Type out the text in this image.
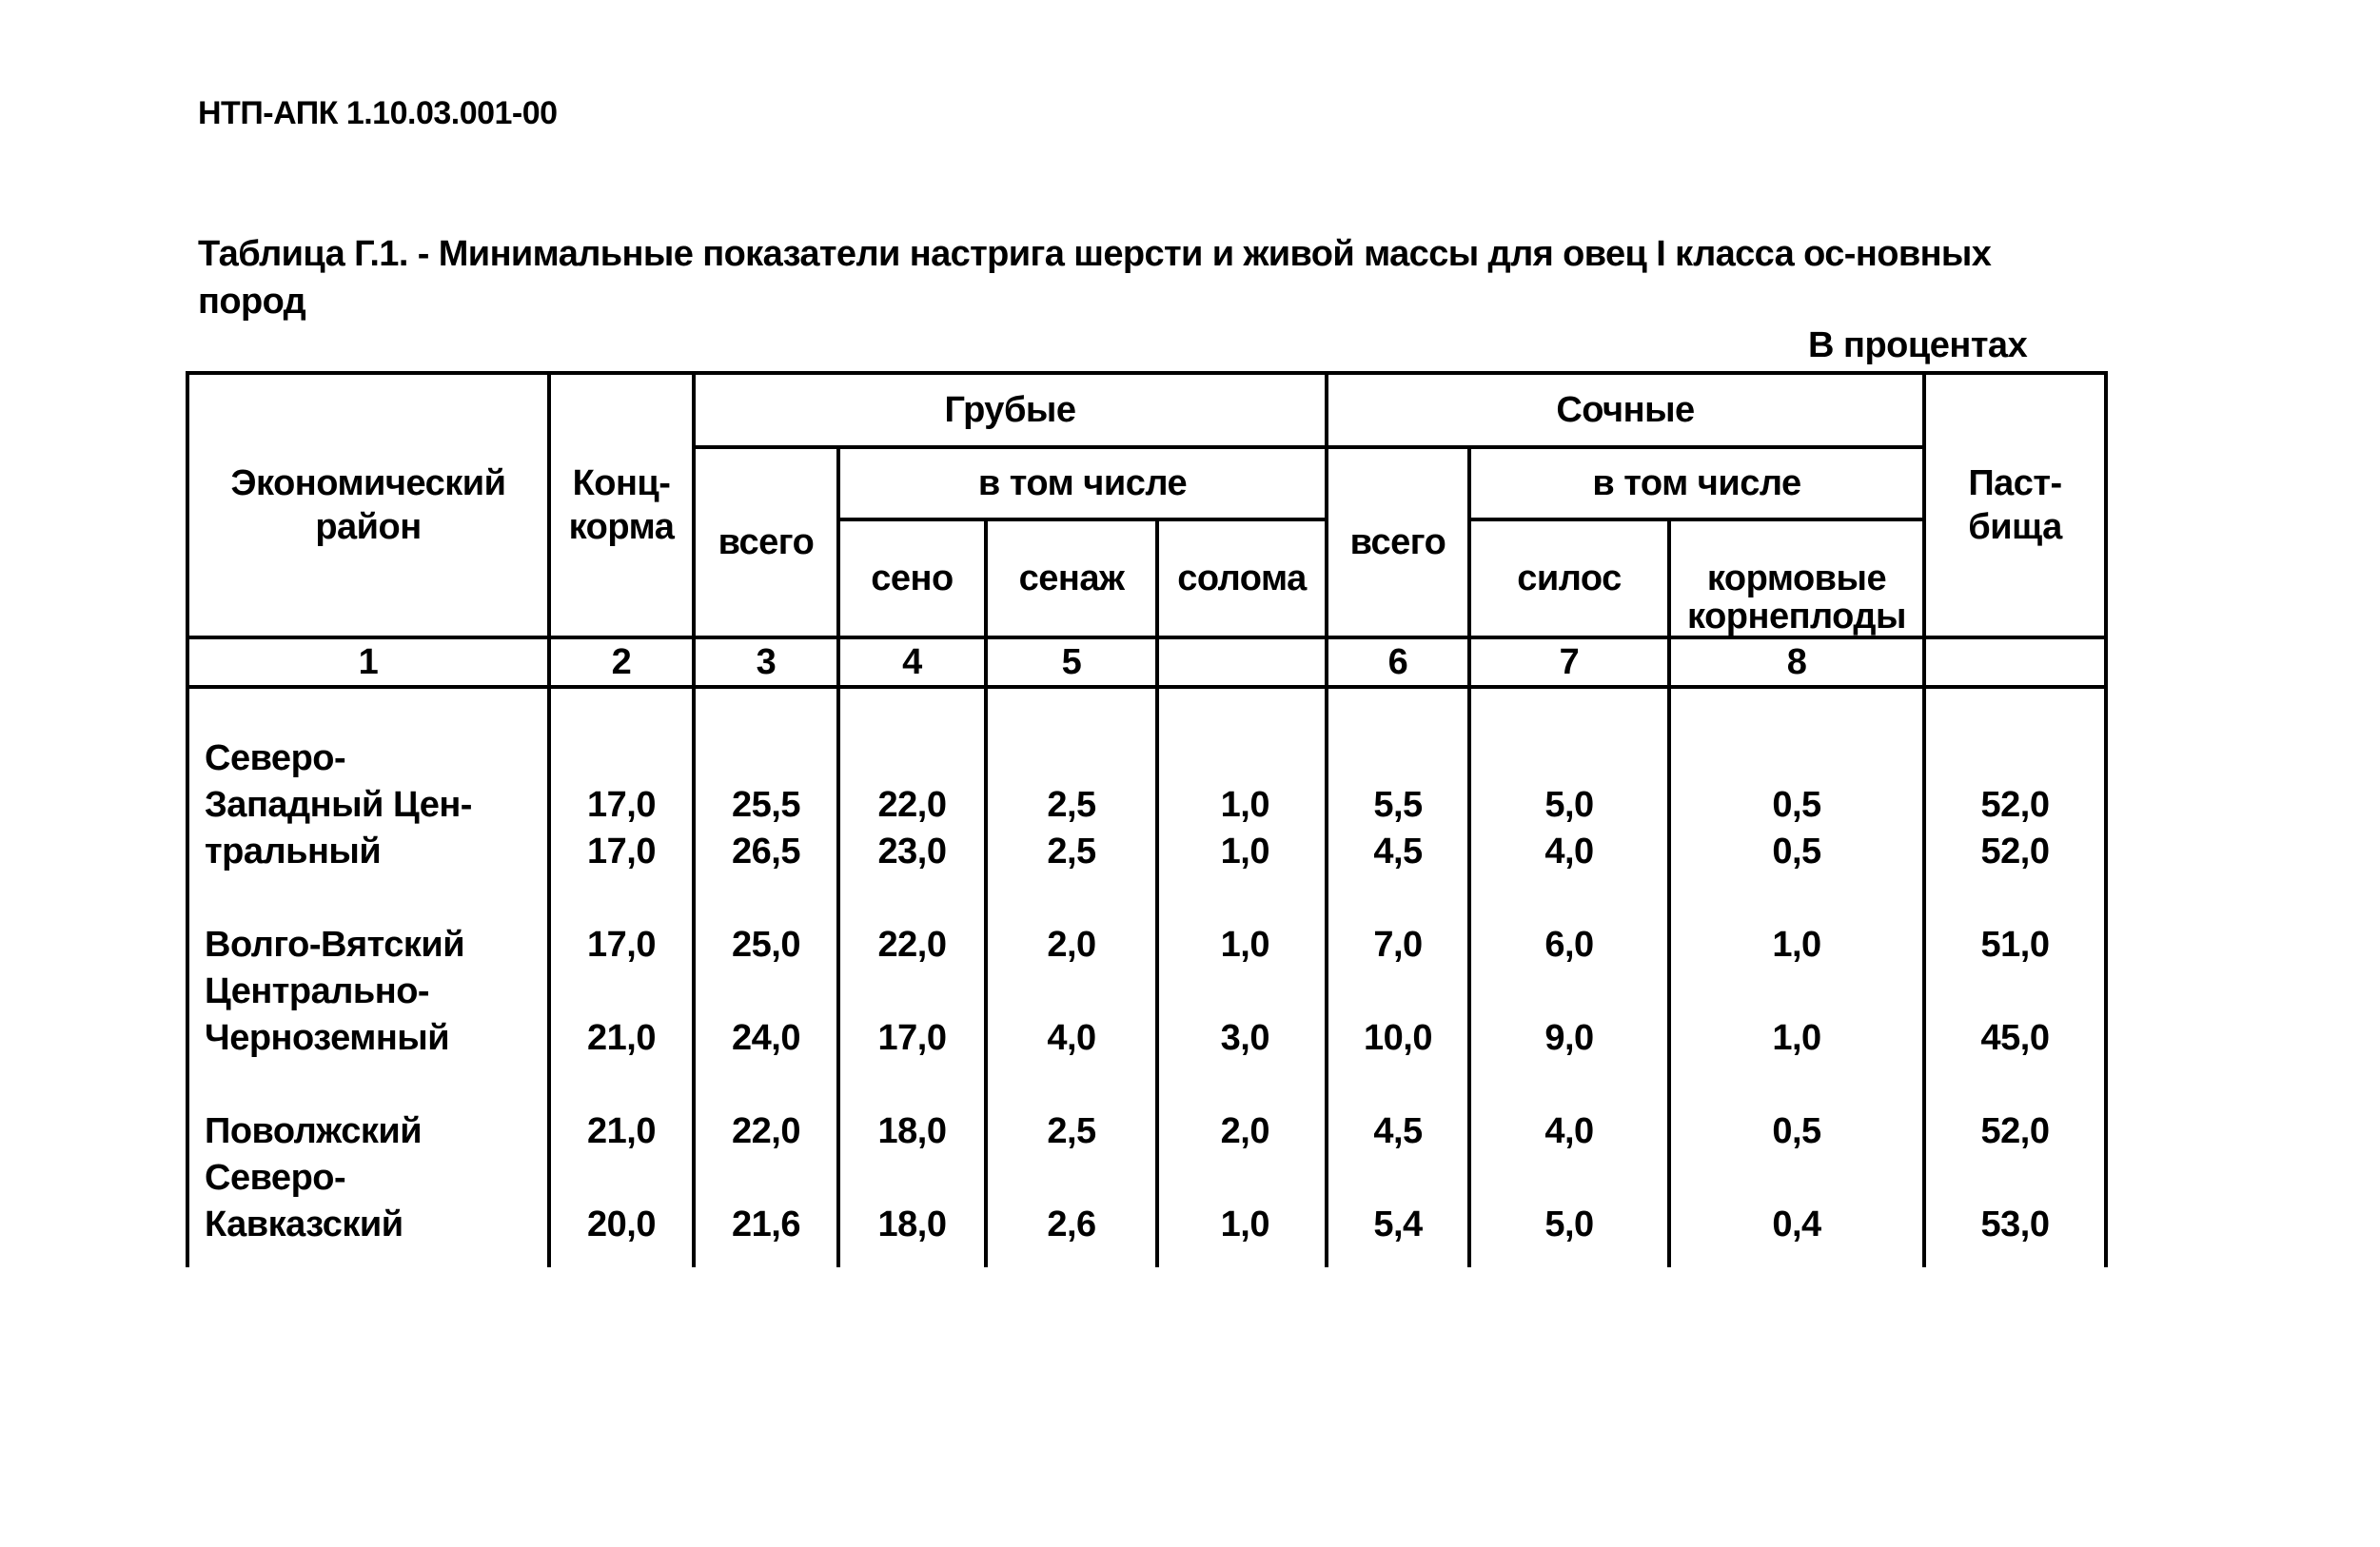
НТП-АПК 1.10.03.001-00
Таблица Г.1. - Минимальные показатели настрига шерсти и живой массы для овец I класса ос-новных пород
В процентах
Экономический район	Конц-корма	Грубые				Сочные			Паст-бища
		всего	в том числе			всего	в том числе		
			сено	сенаж	солома		силос	кормовые корнеплоды	
1	2	3	4	5		6	7	8	

Северо-									
Западный Цен-	17,0	25,5	22,0	2,5	1,0	5,5	5,0	0,5	52,0
тральный	17,0	26,5	23,0	2,5	1,0	4,5	4,0	0,5	52,0

Волго-Вятский	17,0	25,0	22,0	2,0	1,0	7,0	6,0	1,0	51,0
Центрально-									
Черноземный	21,0	24,0	17,0	4,0	3,0	10,0	9,0	1,0	45,0

Поволжский	21,0	22,0	18,0	2,5	2,0	4,5	4,0	0,5	52,0
Северо-									
Кавказский	20,0	21,6	18,0	2,6	1,0	5,4	5,0	0,4	53,0
